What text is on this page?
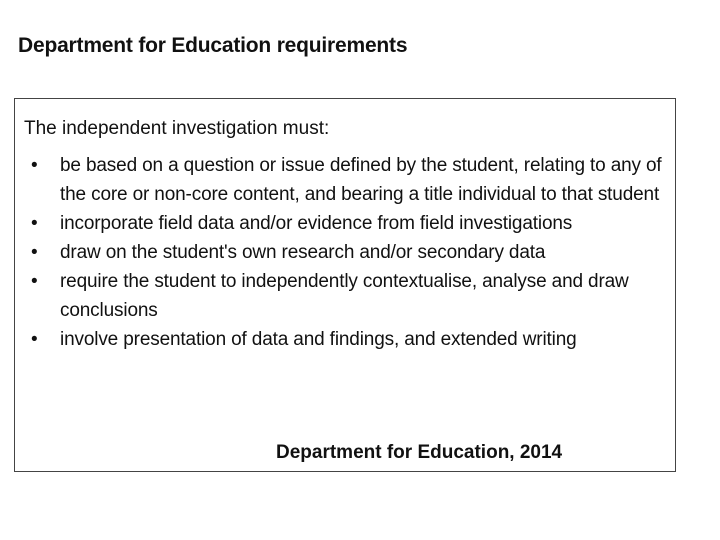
Department for Education requirements
The independent investigation must:
• be based on a question or issue defined by the student, relating to any of the core or non-core content, and bearing a title individual to that student
• incorporate field data and/or evidence from field investigations
• draw on the student's own research and/or secondary data
• require the student to independently contextualise, analyse and draw conclusions
• involve presentation of data and findings, and extended writing
Department for Education, 2014
